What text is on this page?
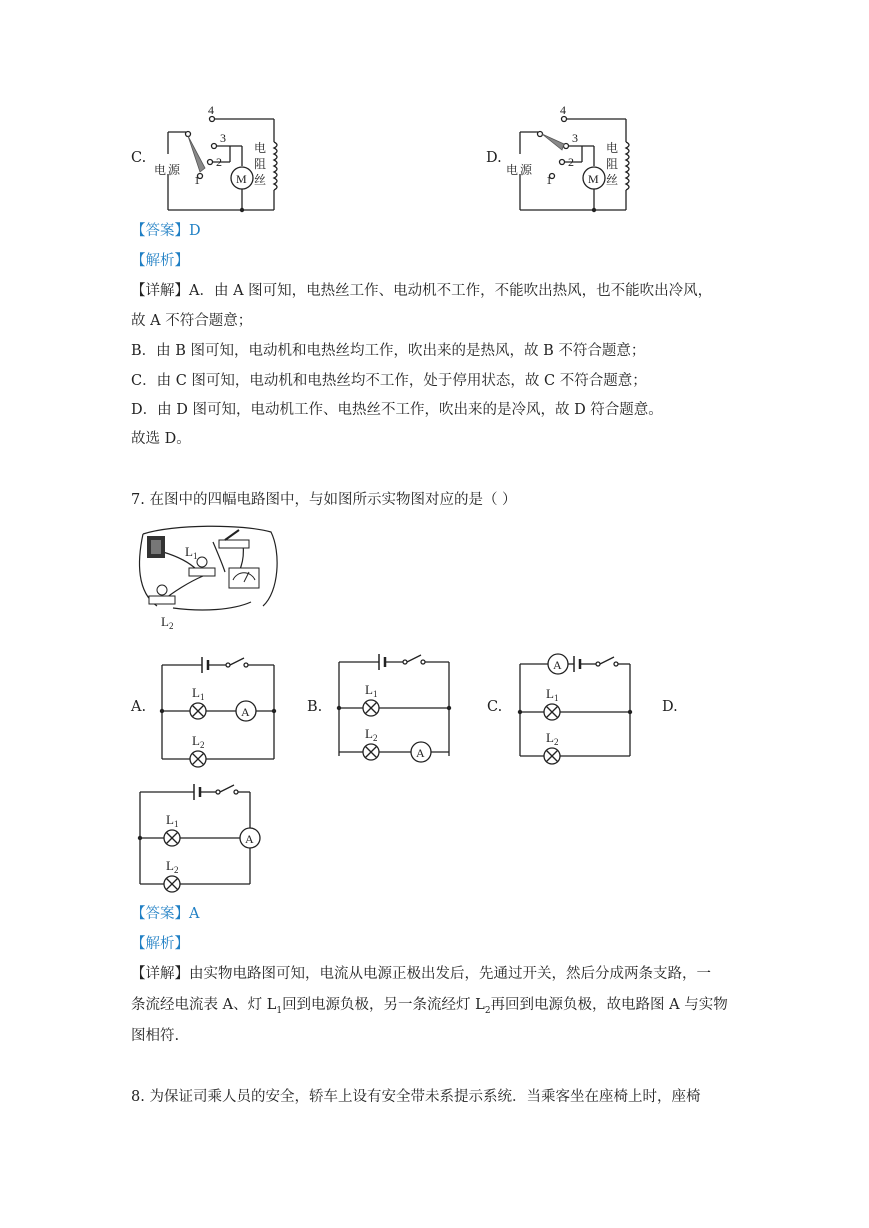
C.
4
3
2
1	M
电 源
电
阻
丝
D.
4
3
2
1	M
电 源
电
阻
丝
【答案】D
【解析】
【详解】A．由 A 图可知，电热丝工作、电动机不工作，不能吹出热风，也不能吹出冷风，
故 A 不符合题意；
B．由 B 图可知，电动机和电热丝均工作，吹出来的是热风，故 B 不符合题意；
C．由 C 图可知，电动机和电热丝均不工作，处于停用状态，故 C 不符合题意；
D．由 D 图可知，电动机工作、电热丝不工作，吹出来的是冷风，故 D 符合题意。
故选 D。
7. 在图中的四幅电路图中，与如图所示实物图对应的是（ ）
L 1
L 2
A.	B.	C.	D.
A
L 1
L 2
A
L 1
L 2
A
L 1
L 2
A
L 1
L 2
【答案】A
【解析】
【详解】由实物电路图可知，电流从电源正极出发后，先通过开关，然后分成两条支路，一
条流经电流表 A、灯 $L_1$回到电源负极，另一条流经灯 $L_2$再回到电源负极，故电路图 A 与实物
图相符.
8. 为保证司乘人员的安全，轿车上设有安全带未系提示系统．当乘客坐在座椅上时，座椅
